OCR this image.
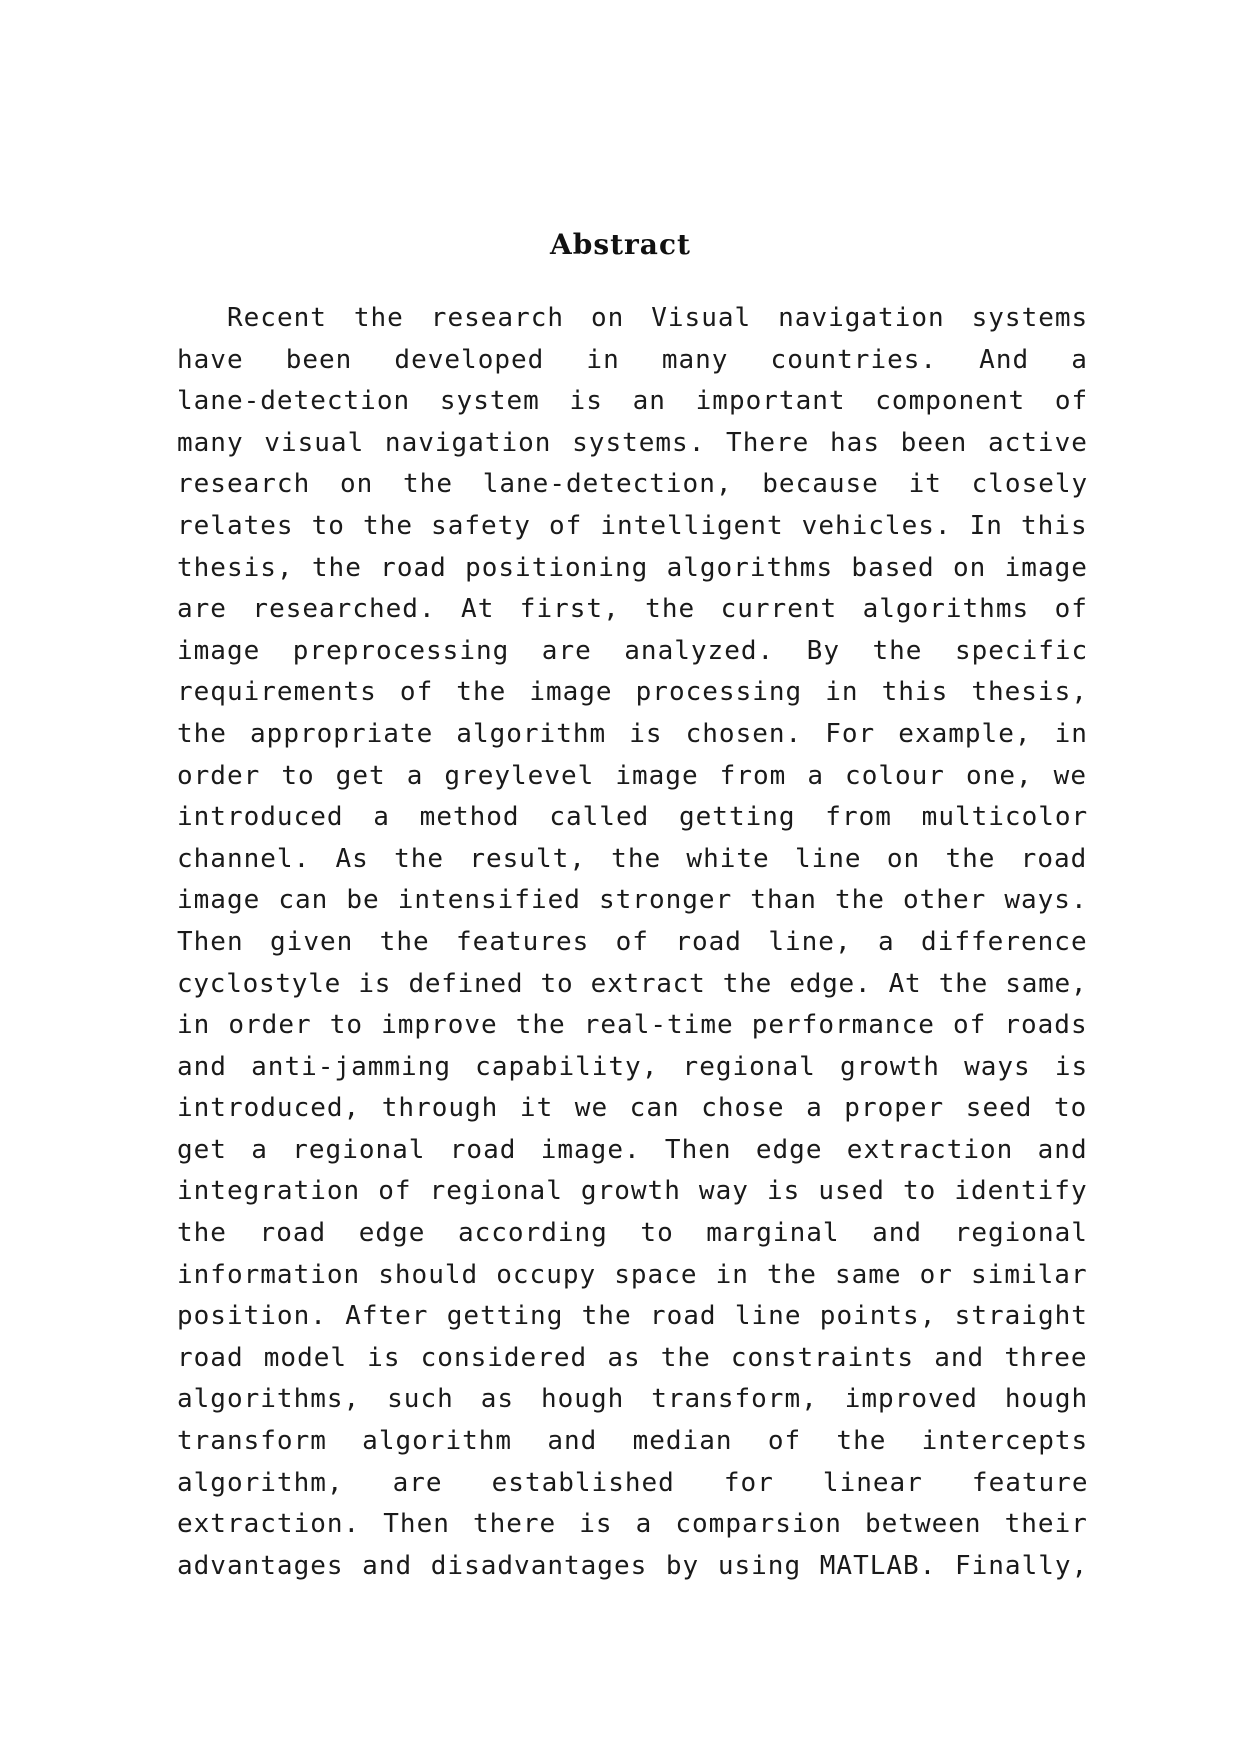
Abstract
Recent the research on Visual navigation systems
have been developed in many countries. And a
lane-detection system is an important component of
many visual navigation systems. There has been active
research on the lane-detection, because it closely
relates to the safety of intelligent vehicles. In this
thesis, the road positioning algorithms based on image
are researched. At first, the current algorithms of
image preprocessing are analyzed. By the specific
requirements of the image processing in this thesis,
the appropriate algorithm is chosen. For example, in
order to get a greylevel image from a colour one, we
introduced a method called getting from multicolor
channel. As the result, the white line on the road
image can be intensified stronger than the other ways.
Then given the features of road line, a difference
cyclostyle is defined to extract the edge. At the same,
in order to improve the real-time performance of roads
and anti-jamming capability, regional growth ways is
introduced, through it we can chose a proper seed to
get a regional road image. Then edge extraction and
integration of regional growth way is used to identify
the road edge according to marginal and regional
information should occupy space in the same or similar
position. After getting the road line points, straight
road model is considered as the constraints and three
algorithms, such as hough transform, improved hough
transform algorithm and median of the intercepts
algorithm, are established for linear feature
extraction. Then there is a comparsion between their
advantages and disadvantages by using MATLAB. Finally,
